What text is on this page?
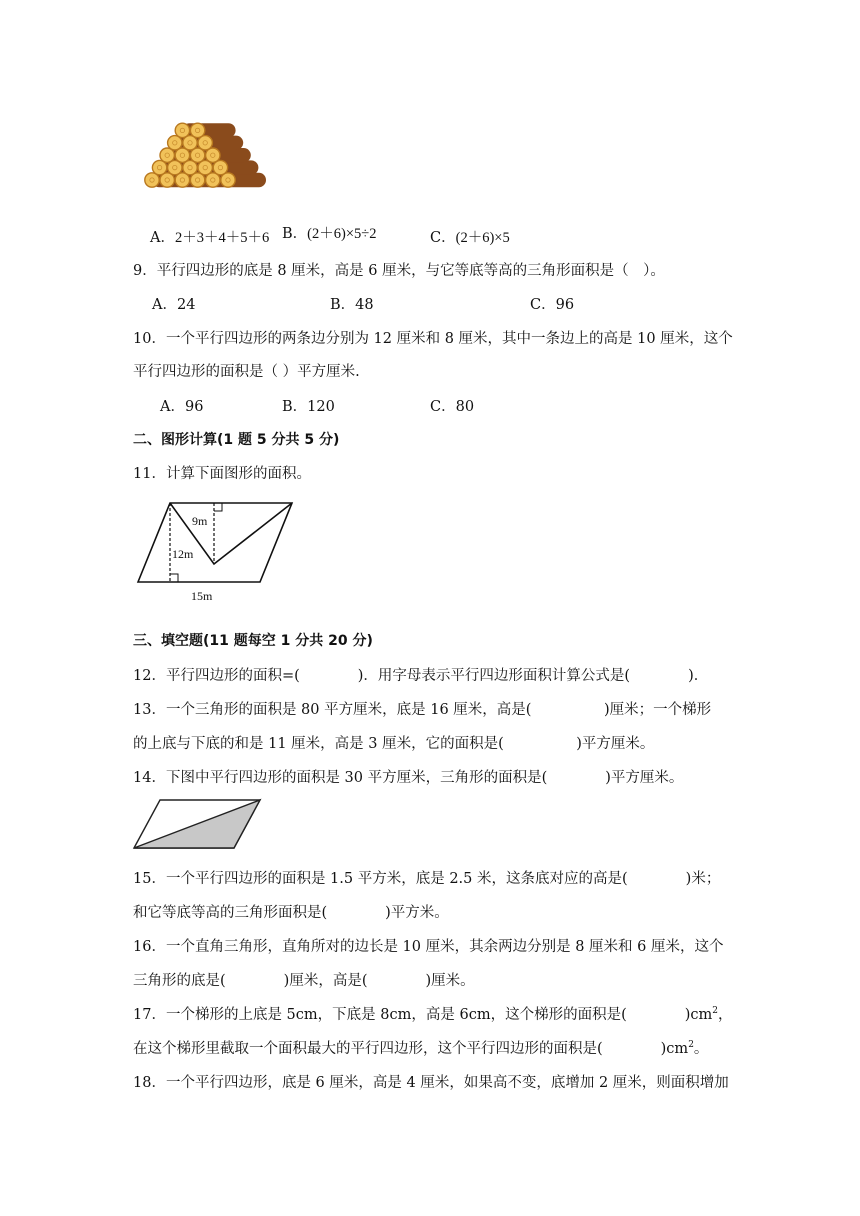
A．2＋3＋4＋5＋6 B．(2＋6)×5÷2	C．(2＋6)×5
9．平行四边形的底是 8 厘米，高是 6 厘米，与它等底等高的三角形面积是（　）。
A．24	B．48	C．96
10．一个平行四边形的两条边分别为 12 厘米和 8 厘米，其中一条边上的高是 10 厘米，这个
平行四边形的面积是（ ）平方厘米.
A．96	B．120	C．80
二、图形计算(1 题 5 分共 5 分)
11．计算下面图形的面积。
9m
12m
15m
三、填空题(11 题每空 1 分共 20 分)
12．平行四边形的面积=(　　　　)．用字母表示平行四边形面积计算公式是(　　　　)．
13．一个三角形的面积是 80 平方厘米，底是 16 厘米，高是(　　　　　)厘米；一个梯形
的上底与下底的和是 11 厘米，高是 3 厘米，它的面积是(　　　　　)平方厘米。
14．下图中平行四边形的面积是 30 平方厘米，三角形的面积是(　　　　)平方厘米。
15．一个平行四边形的面积是 1.5 平方米，底是 2.5 米，这条底对应的高是(　　　　)米；
和它等底等高的三角形面积是(　　　　)平方米。
16．一个直角三角形，直角所对的边长是 10 厘米，其余两边分别是 8 厘米和 6 厘米，这个
三角形的底是(　　　　)厘米，高是(　　　　)厘米。
17．一个梯形的上底是 5cm，下底是 8cm，高是 6cm，这个梯形的面积是(　　　　)$cm^2$，
在这个梯形里截取一个面积最大的平行四边形，这个平行四边形的面积是(　　　　)$cm^2$。
18．一个平行四边形，底是 6 厘米，高是 4 厘米，如果高不变，底增加 2 厘米，则面积增加
